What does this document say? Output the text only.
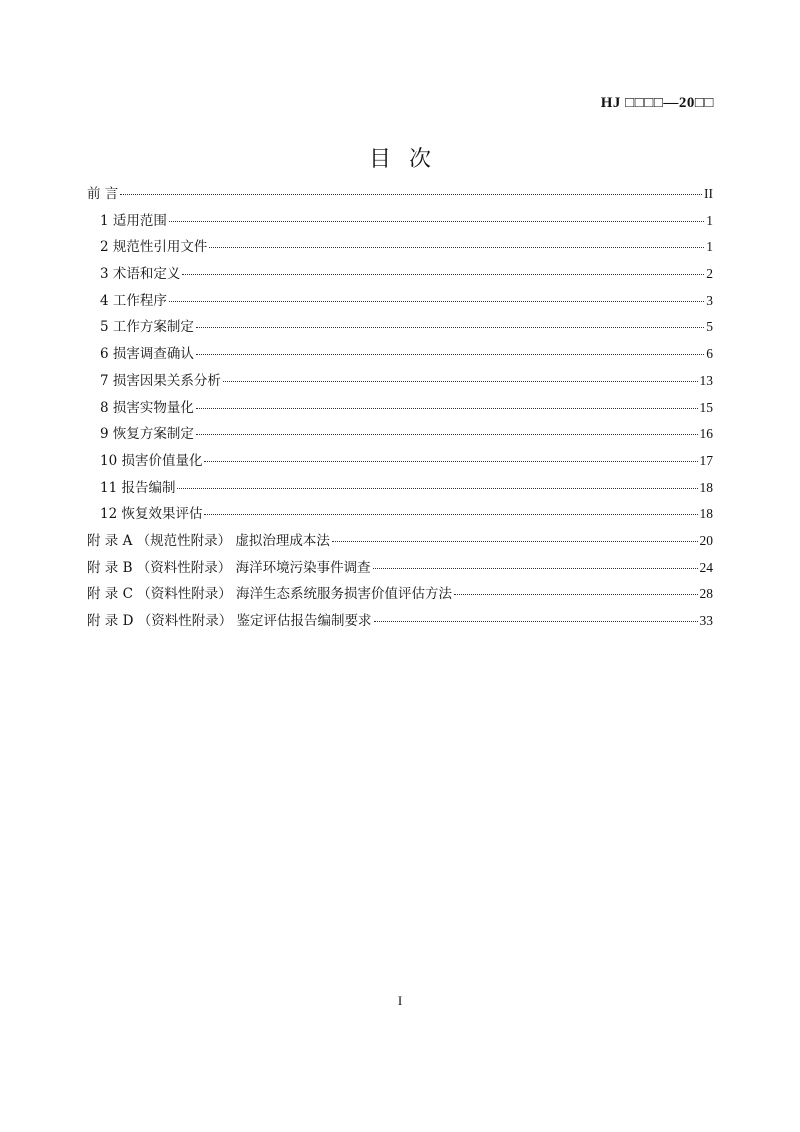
HJ □□□□—20□□
目次
前 言	II
1 适用范围	1
2 规范性引用文件	1
3 术语和定义	2
4 工作程序	3
5 工作方案制定	5
6 损害调查确认	6
7 损害因果关系分析	13
8 损害实物量化	15
9 恢复方案制定	16
10 损害价值量化	17
11 报告编制	18
12 恢复效果评估	18
附 录 A （规范性附录） 虚拟治理成本法	20
附 录 B （资料性附录） 海洋环境污染事件调查	24
附 录 C （资料性附录） 海洋生态系统服务损害价值评估方法	28
附 录 D （资料性附录） 鉴定评估报告编制要求	33
I
